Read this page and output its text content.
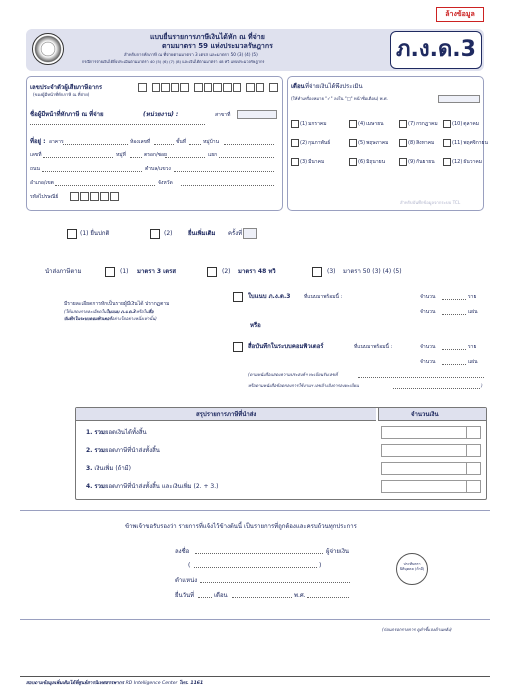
ล้างข้อมูล
แบบยื่นรายการภาษีเงินได้หัก ณ ที่จ่าย
ตามมาตรา 59 แห่งประมวลรัษฎากร
สำหรับการหักภาษี ณ ที่จ่ายตามมาตรา 3 เตรส และมาตรา 50 (3) (4) (5)
กรณีการจ่ายเงินได้พึงประเมินตามมาตรา 40 (5) (6) (7) (8) และเงินได้ตามมาตรา 48 ทวิ แห่งประมวลรัษฎากร	ภ.ง.ด.3
เลขประจำตัวผู้เสียภาษีอากร
(ของผู้มีหน้าที่หักภาษี ณ ที่จ่าย)
ชื่อผู้มีหน้าที่หักภาษี ณ ที่จ่าย	(หน่วยงาน) :	สาขาที่
ที่อยู่ : อาคาร	ห้องเลขที่	ชั้นที่	หมู่บ้าน
เลขที่	หมู่ที่	ตรอก/ซอย	แยก
ถนน	ตำบล/แขวง
อำเภอ/เขต	จังหวัด
รหัสไปรษณีย์
เดือน ที่จ่ายเงินได้พึงประเมิน
(ให้ทำเครื่องหมาย "✓" ลงใน "□" หน้าชื่อเดือน) พ.ศ.
(1) มกราคม	(4) เมษายน	(7) กรกฎาคม	(10) ตุลาคม
(2) กุมภาพันธ์	(5) พฤษภาคม	(8) สิงหาคม	(11) พฤศจิกายน
(3) มีนาคม	(6) มิถุนายน	(9) กันยายน	(12) ธันวาคม
สำหรับบันทึกข้อมูลจากระบบ TCL
(1) ยื่นปกติ	(2)	ยื่นเพิ่มเติม ครั้งที่
นำส่งภาษีตาม	(1) มาตรา 3 เตรส	(2) มาตรา 48 ทวิ	(3) มาตรา 50 (3) (4) (5)
มีรายละเอียดการหักเป็นรายผู้มีเงินได้ ปรากฏตาม
(ให้แสดงรายละเอียดในใบแนบ ภ.ง.ด.3หรือในสื่อ
บันทึกในระบบคอมพิวเตอร์อย่างใดอย่างหนึ่งเท่านั้น)
ใบแนบ ภ.ง.ด.3	ที่แนบมาพร้อมนี้ :	จำนวน	ราย
จำนวน	แผ่น
หรือ
สื่อบันทึกในระบบคอมพิวเตอร์	ที่แนบมาพร้อมนี้ :	จำนวน	ราย
จำนวน	แผ่น
(ตามหนังสือแสดงความประสงค์ฯ ทะเบียนรับเลขที่
หรือตามหนังสือข้อตกลงการใช้งานฯ เลขอ้างอิงการลงทะเบียน	)
สรุปรายการภาษีที่นำส่ง	จำนวนเงิน
1. รวมยอดเงินได้ทั้งสิ้น
2. รวมยอดภาษีที่นำส่งทั้งสิ้น
3. เงินเพิ่ม (ถ้ามี)
4. รวมยอดภาษีที่นำส่งทั้งสิ้น และเงินเพิ่ม (2. + 3.)
ข้าพเจ้าขอรับรองว่า รายการที่แจ้งไว้ข้างต้นนี้ เป็นรายการที่ถูกต้องและครบถ้วนทุกประการ
ลงชื่อ	ผู้จ่ายเงิน
(	)
ตำแหน่ง
ยื่นวันที่	เดือน	พ.ศ.
ประทับตรา นิติบุคคล (ถ้ามี)
(ก่อนกรอกรายการ ดูคำชี้แจงด้านหลัง)
สอบถามข้อมูลเพิ่มเติมได้ที่ศูนย์สารนิเทศสรรพากร RD Intelligence Center โทร. 1161
